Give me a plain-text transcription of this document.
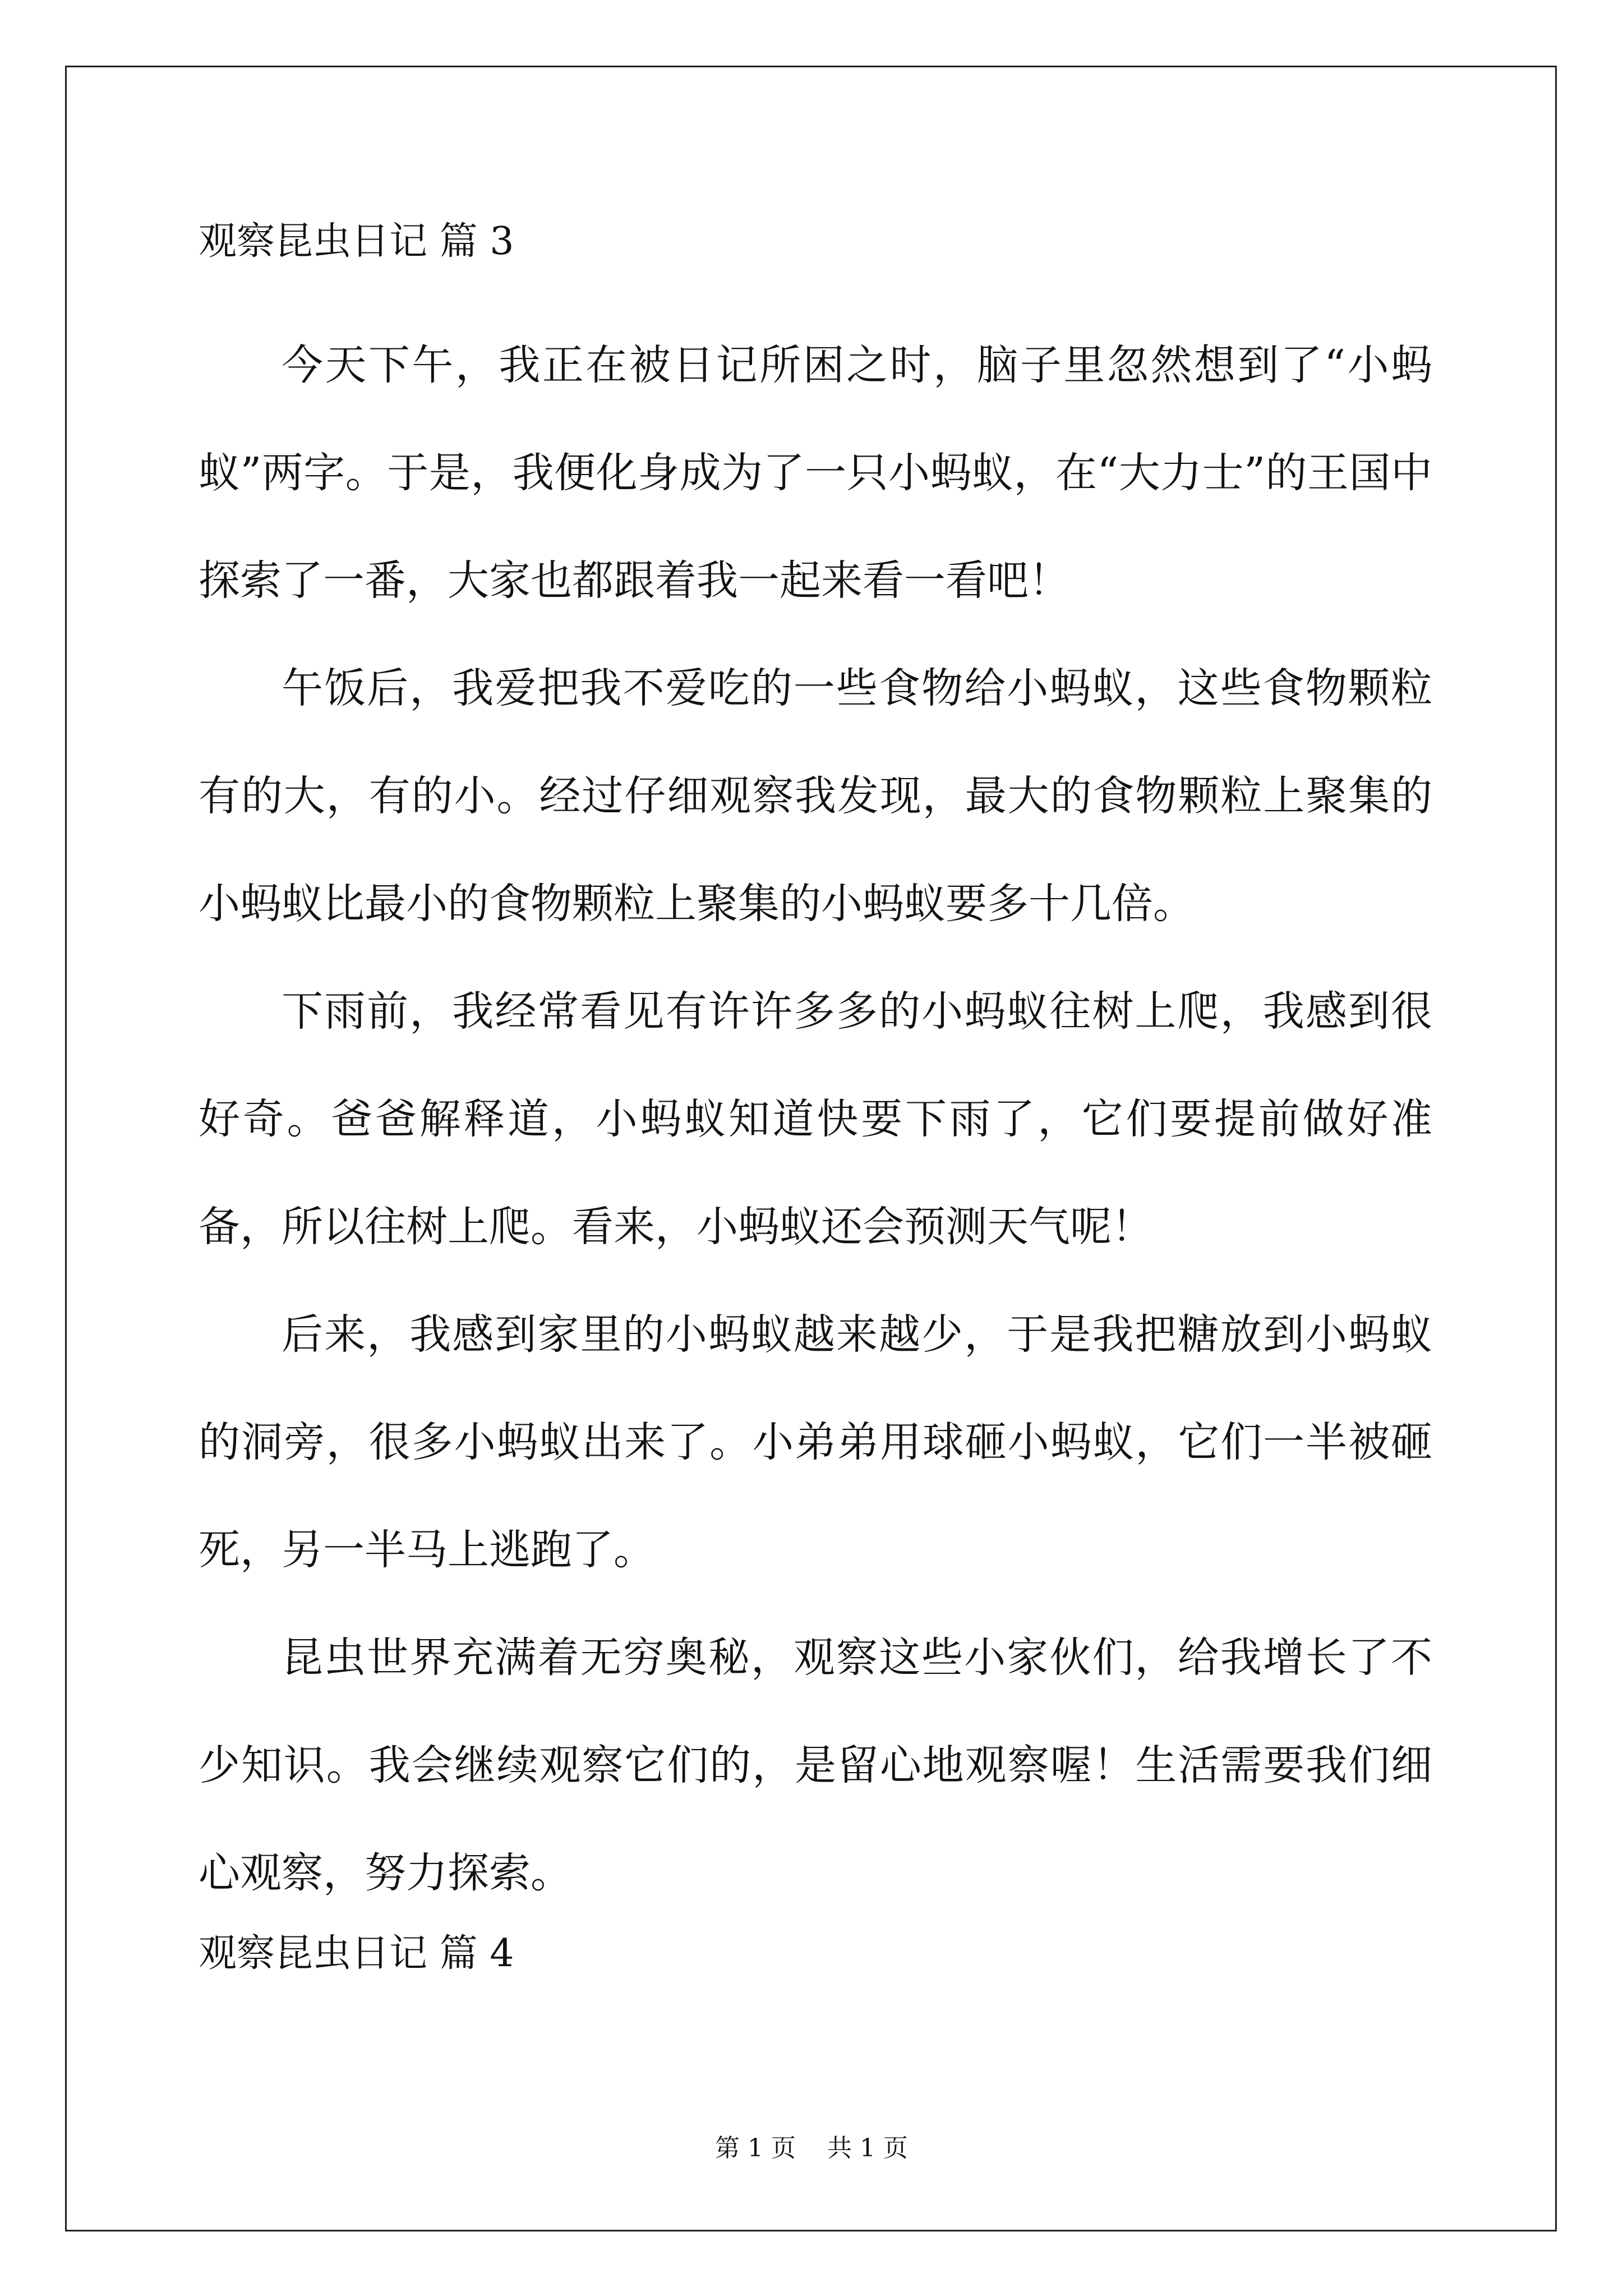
观察昆虫日记 篇 3

今天下午，我正在被日记所困之时，脑子里忽然想到了“小蚂蚁”两字。于是，我便化身成为了一只小蚂蚁，在“大力士”的王国中探索了一番，大家也都跟着我一起来看一看吧！

午饭后，我爱把我不爱吃的一些食物给小蚂蚁，这些食物颗粒有的大，有的小。经过仔细观察我发现，最大的食物颗粒上聚集的小蚂蚁比最小的食物颗粒上聚集的小蚂蚁要多十几倍。

下雨前，我经常看见有许许多多的小蚂蚁往树上爬，我感到很好奇。爸爸解释道，小蚂蚁知道快要下雨了，它们要提前做好准备，所以往树上爬。看来，小蚂蚁还会预测天气呢！

后来，我感到家里的小蚂蚁越来越少，于是我把糖放到小蚂蚁的洞旁，很多小蚂蚁出来了。小弟弟用球砸小蚂蚁，它们一半被砸死，另一半马上逃跑了。

昆虫世界充满着无穷奥秘，观察这些小家伙们，给我增长了不少知识。我会继续观察它们的，是留心地观察喔！生活需要我们细心观察，努力探索。

观察昆虫日记 篇 4
第 1 页    共 1 页
